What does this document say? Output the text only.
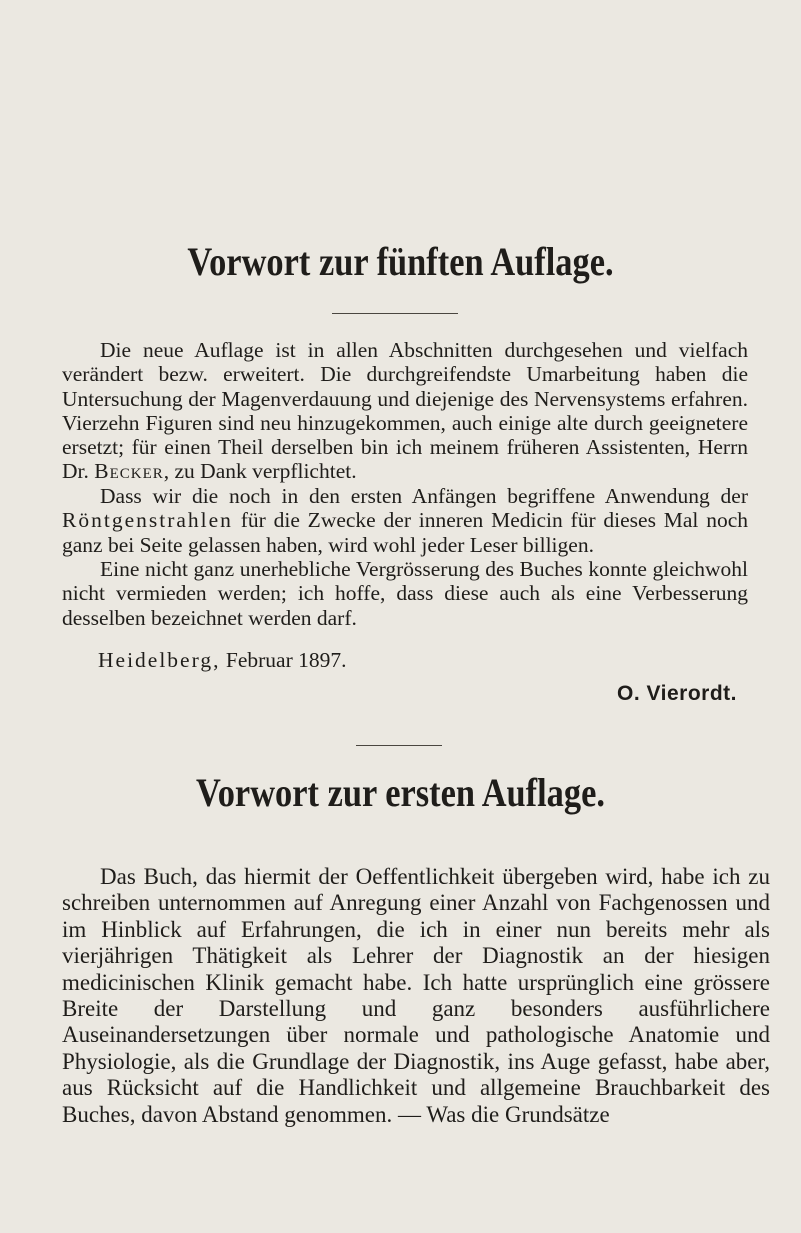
Vorwort zur fünften Auflage.

Die neue Auflage ist in allen Abschnitten durchgesehen und vielfach verändert bezw. erweitert. Die durchgreifendste Umarbeitung haben die Untersuchung der Magenverdauung und diejenige des Nervensystems erfahren. Vierzehn Figuren sind neu hinzugekommen, auch einige alte durch geeignetere ersetzt; für einen Theil derselben bin ich meinem früheren Assistenten, Herrn Dr. Becker, zu Dank verpflichtet.

Dass wir die noch in den ersten Anfängen begriffene Anwendung der Röntgenstrahlen für die Zwecke der inneren Medicin für dieses Mal noch ganz bei Seite gelassen haben, wird wohl jeder Leser billigen.

Eine nicht ganz unerhebliche Vergrösserung des Buches konnte gleichwohl nicht vermieden werden; ich hoffe, dass diese auch als eine Verbesserung desselben bezeichnet werden darf.

Heidelberg, Februar 1897.

O. Vierordt.

Vorwort zur ersten Auflage.

Das Buch, das hiermit der Oeffentlichkeit übergeben wird, habe ich zu schreiben unternommen auf Anregung einer Anzahl von Fachgenossen und im Hinblick auf Erfahrungen, die ich in einer nun bereits mehr als vierjährigen Thätigkeit als Lehrer der Diagnostik an der hiesigen medicinischen Klinik gemacht habe. Ich hatte ursprünglich eine grössere Breite der Darstellung und ganz besonders ausführlichere Auseinandersetzungen über normale und pathologische Anatomie und Physiologie, als die Grundlage der Diagnostik, ins Auge gefasst, habe aber, aus Rücksicht auf die Handlichkeit und allgemeine Brauchbarkeit des Buches, davon Abstand genommen. — Was die Grundsätze
